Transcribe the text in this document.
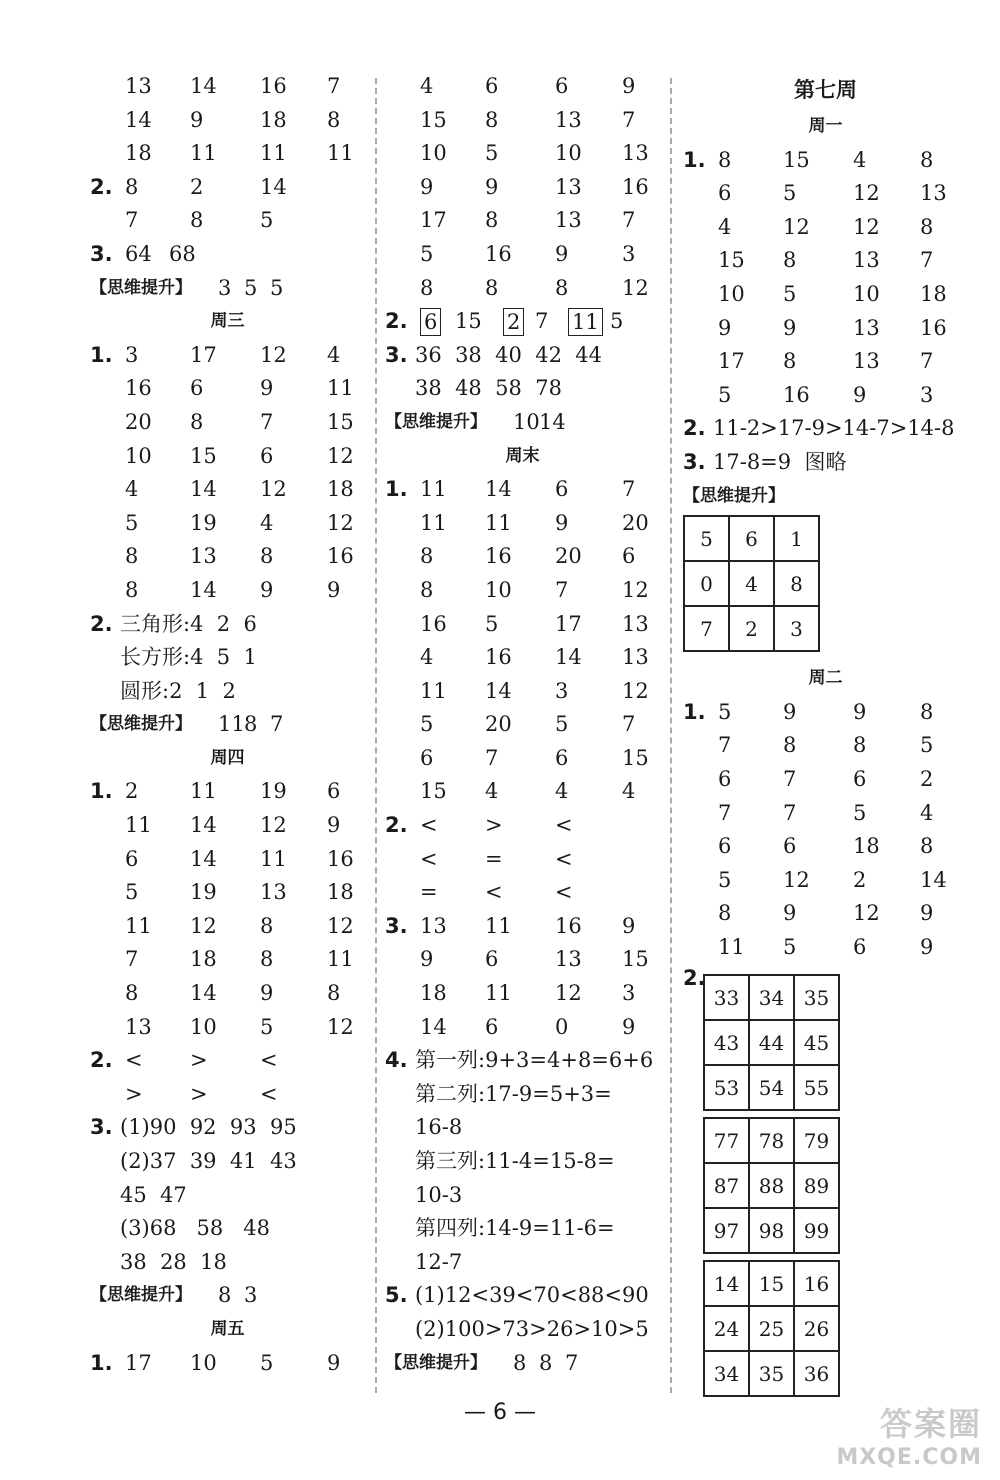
13 14 16 7
14 9	18 8
18 11 11 11
2. 8 2	14
7 8	5
3. 64 68
【思维提升】 3 5 5
周三
1. 3 17 12 4
16 6	9	11
20 8	7	15
10 15 6	12
4 14 12 18
5 19 4	12
8 13 8	16
8 14 9	9
2. 三角形:4  2  6
长方形:4  5  1
圆形:2  1  2
【思维提升】 11 8 7
周四
1. 2 11 19 6
11 14 12 9
6 14 11 16
5 19 13 18
11 12 8	12
7 18 8	11
8 14 9	8
13 10 5	12
2. < > <
> > <
3. (1)90  92  93  95
(2)37  39  41  43
45  47
(3)68   58   48
38  28  18
【思维提升】 8 3
周五
1. 17 10 5	9
4 6	6	9
15 8	13 7
10 5	10 13
9 9	13 16
17 8	13 7
5 16 9	3
8 8	8	12
2. 6 15 2 7 11 5
3. 36  38  40  42  44
38  48  58  78
【思维提升】 10 14
周末
1. 11 14 6	7
11 11 9	20
8 16 20 6
8 10 7	12
16 5	17 13
4 16 14 13
11 14 3	12
5 20 5	7
6 7	6	15
15 4	4	4
2. < > <
< = <
= < <
3. 13 11 16 9
9 6	13 15
18 11 12 3
14 6	0	9
4. 第一列:9+3=4+8=6+6
第二列:17-9=5+3=
16-8
第三列:11-4=15-8=
10-3
第四列:14-9=11-6=
12-7
5. (1)12<39<70<88<90
(2)100>73>26>10>5
【思维提升】 8 8 7
第七周
周一
1. 8 15 4	8
6 5	12 13
4 12 12 8
15 8	13 7
10 5	10 18
9 9	13 16
17 8	13 7
5 16 9	3
2. 11-2>17-9>14-7>14-8
3. 17-8=9  图略
【思维提升】
5	6	1
0	4	8
7	2	3
周二
1. 5 9	9	8
7 8	8	5
6 7	6	2
7 7	5	4
6 6	18 8
5 12 2	14
8 9	12 9
11 5	6	9
2.
33	34	35
43	44	45
53	54	55
77	78	79
87	88	89
97	98	99
14	15	16
24	25	26
34	35	36
— 6 —	答案圈
MXQE.COM
